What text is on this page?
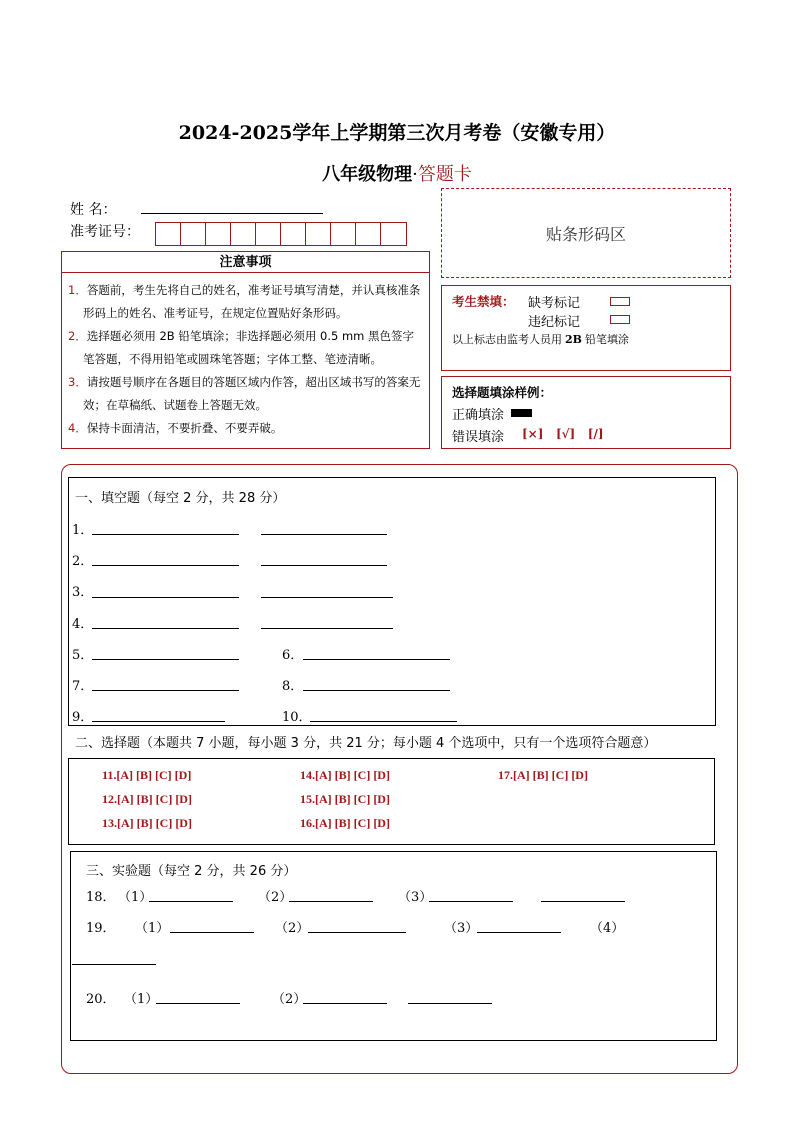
2024-2025学年上学期第三次月考卷（安徽专用）
八年级物理·答题卡
姓 名：
准考证号：	贴条形码区
注意事项
1．答题前，考生先将自己的姓名，准考证号填写清楚，并认真核准条形码上的姓名、准考证号，在规定位置贴好条形码。
2．选择题必须用 2B 铅笔填涂；非选择题必须用 0.5 mm 黑色签字笔答题，不得用铅笔或圆珠笔答题；字体工整、笔迹清晰。
3．请按题号顺序在各题目的答题区域内作答，超出区域书写的答案无效；在草稿纸、试题卷上答题无效。
4．保持卡面清洁，不要折叠、不要弄破。
考生禁填： 缺考标记
违纪标记
以上标志由监考人员用 2B 铅笔填涂
选择题填涂样例：
正确填涂
错误填涂 [×] [√] [/]
一、填空题（每空 2 分，共 28 分）
1．
2．
3．
4．
5．	6．
7．	8．
9．	10．
二、选择题（本题共 7 小题，每小题 3 分，共 21 分；每小题 4 个选项中，只有一个选项符合题意）
11.[A] [B] [C] [D]
12.[A] [B] [C] [D]
13.[A] [B] [C] [D]
14.[A] [B] [C] [D]
15.[A] [B] [C] [D]
16.[A] [B] [C] [D]
17.[A] [B] [C] [D]
三、实验题（每空 2 分，共 26 分）
18． （1）	（2）	（3）
19． （1）	（2）	（3）	（4）
20． （1）	（2）
